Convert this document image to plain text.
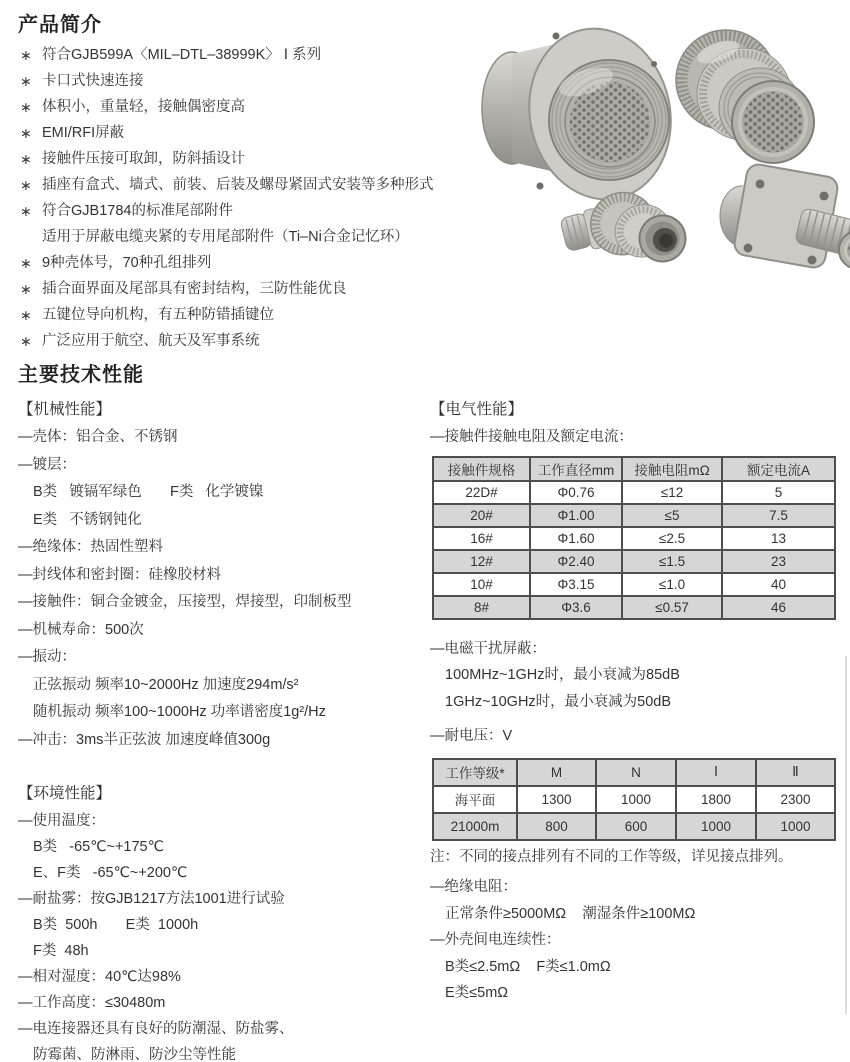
产品简介
∗ 符合GJB599A〈MIL–DTL–38999K〉 Ⅰ 系列
∗ 卡口式快速连接
∗ 体积小，重量轻，接触偶密度高
∗ EMI/RFI屏蔽
∗ 接触件压接可取卸，防斜插设计
∗ 插座有盒式、墙式、前装、后装及螺母紧固式安装等多种形式
∗ 符合GJB1784的标准尾部附件
适用于屏蔽电缆夹紧的专用尾部附件（Ti–Ni合金记忆环）
∗ 9种壳体号，70种孔组排列
∗ 插合面界面及尾部具有密封结构，三防性能优良
∗ 五键位导向机构，有五种防错插键位
∗ 广泛应用于航空、航天及军事系统
主要技术性能
【机械性能】
—壳体：铝合金、不锈钢
—镀层：
B类   镀镉军绿色       F类   化学镀镍
E类   不锈钢钝化
—绝缘体：热固性塑料
—封线体和密封圈：硅橡胶材料
—接触件：铜合金镀金，压接型，焊接型，印制板型
—机械寿命：500次
—振动：
正弦振动 频率10~2000Hz 加速度294m/s²
随机振动 频率100~1000Hz 功率谱密度1g²/Hz
—冲击：3ms半正弦波 加速度峰值300g
【环境性能】
—使用温度：
B类   -65℃~+175℃
E、F类   -65℃~+200℃
—耐盐雾：按GJB1217方法1001进行试验
B类  500h       E类  1000h
F类  48h
—相对湿度：40℃达98%
—工作高度：≤30480m
—电连接器还具有良好的防潮湿、防盐雾、
防霉菌、防淋雨、防沙尘等性能
【电气性能】
—接触件接触电阻及额定电流：
接触件规格	工作直径mm	接触电阻mΩ	额定电流A
22D#	Φ0.76	≤12	5
20#	Φ1.00	≤5	7.5
16#	Φ1.60	≤2.5	13
12#	Φ2.40	≤1.5	23
10#	Φ3.15	≤1.0	40
8#	Φ3.6	≤0.57	46
—电磁干扰屏蔽：
100MHz~1GHz时，最小衰减为85dB
1GHz~10GHz时，最小衰减为50dB
—耐电压：V
工作等级*	M	N	Ⅰ	Ⅱ
海平面	1300	1000	1800	2300
21000m	800	600	1000	1000
注：不同的接点排列有不同的工作等级，详见接点排列。
—绝缘电阻：
正常条件≥5000MΩ    潮湿条件≥100MΩ
—外壳间电连续性：
B类≤2.5mΩ    F类≤1.0mΩ
E类≤5mΩ
